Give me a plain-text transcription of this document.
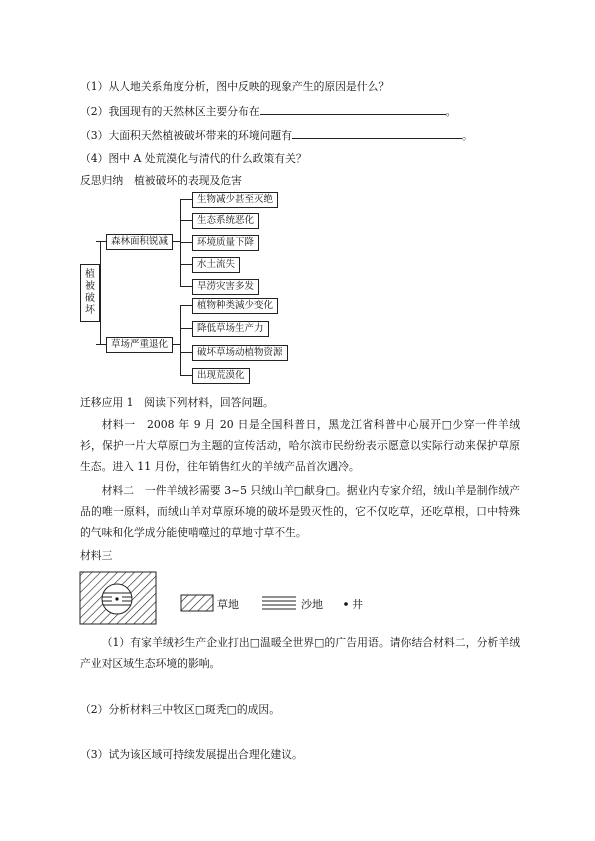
（1）从人地关系角度分析，图中反映的现象产生的原因是什么？
（2）我国现有的天然林区主要分布在	。
（3）大面积天然植被破坏带来的环境问题有	。
（4）图中 A 处荒漠化与清代的什么政策有关？
反思归纳　 植被破坏的表现及危害
植被破坏
森林面积锐减
生物减少甚至灭绝
生态系统恶化
环境质量下降
水土流失
旱涝灾害多发
草场严重退化
植物种类減少变化
降低草场生产力
破坏草场动植物资源
出现荒漠化
迁移应用 1　阅读下列材料，回答问题。
材料一　2008 年 9 月 20 日是全国科普日，黑龙江省科普中心展开□少穿一件羊绒衫，保护一片大草原□为主题的宣传活动，哈尔滨市民纷纷表示愿意以实际行动来保护草原生态。进入 11 月份，往年销售红火的羊绒产品首次遇冷。
材料二　一件羊绒衫需要 3~5 只绒山羊□献身□。据业内专家介绍，绒山羊是制作绒产品的唯一原料，而绒山羊对草原环境的破坏是毁灭性的，它不仅吃草，还吃草根，口中特殊的气味和化学成分能使啃噬过的草地寸草不生。
材料三
草地	沙地	井
（1）有家羊绒衫生产企业打出□温暖全世界□的广告用语。请你结合材料二，分析羊绒产业对区域生态环境的影响。
（2）分析材料三中牧区□斑秃□的成因。
（3）试为该区域可持续发展提出合理化建议。
